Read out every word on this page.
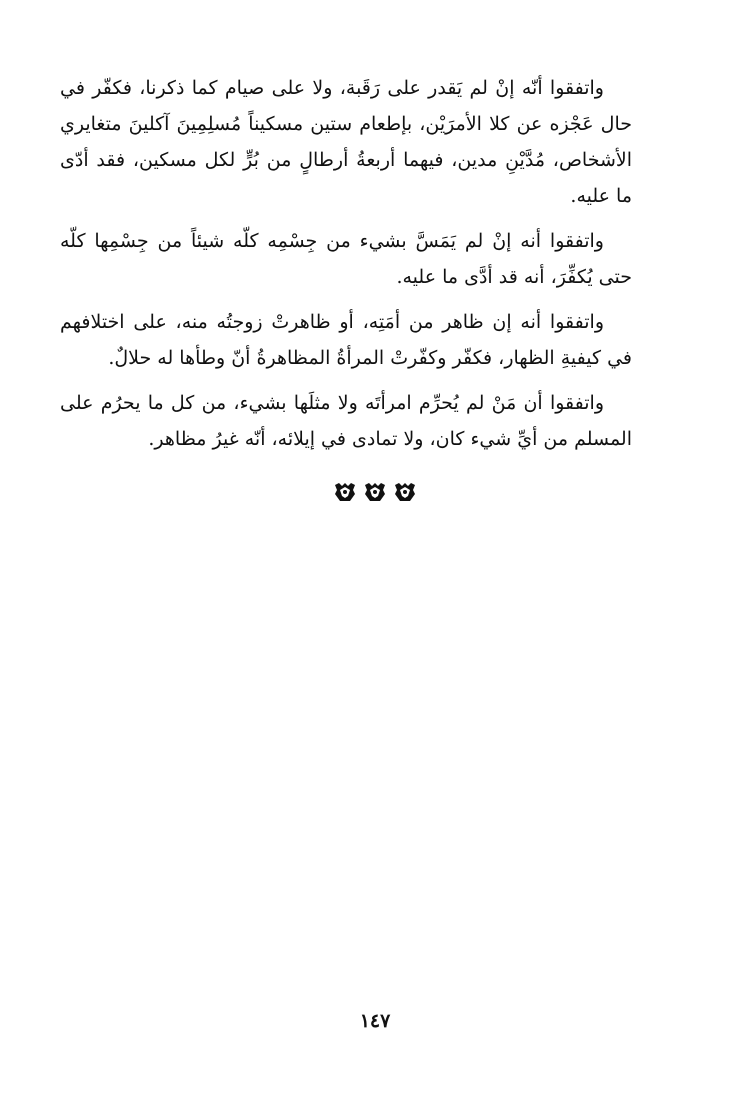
واتفقوا أنّه إنْ لم يَقدر على رَقَبة، ولا على صيام كما ذكرنا، فكفّر في حال عَجْزه عن كلا الأمرَيْن، بإطعام ستين مسكيناً مُسلِمِينَ آكلينَ متغايري الأشخاص، مُدَّيْنِ مدين، فيهما أربعةُ أرطالٍ من بُرٍّ لكل مسكين، فقد أدّى ما عليه.

واتفقوا أنه إنْ لم يَمَسَّ بشيء من جِسْمِه كلّه شيئاً من جِسْمِها كلّه حتى يُكفِّرَ، أنه قد أدَّى ما عليه.

واتفقوا أنه إن ظاهر من أمَتِه، أو ظاهرتْ زوجتُه منه، على اختلافهم في كيفيةِ الظهار، فكفّر وكفّرتْ المرأةُ المظاهرةُ أنّ وطأها له حلالٌ.

واتفقوا أن مَنْ لم يُحرِّم امرأتَه ولا مثلَها بشيء، من كل ما يحرُم على المسلم من أيِّ شيء كان، ولا تمادى في إيلائه، أنّه غيرُ مظاهر.

١٤٧
